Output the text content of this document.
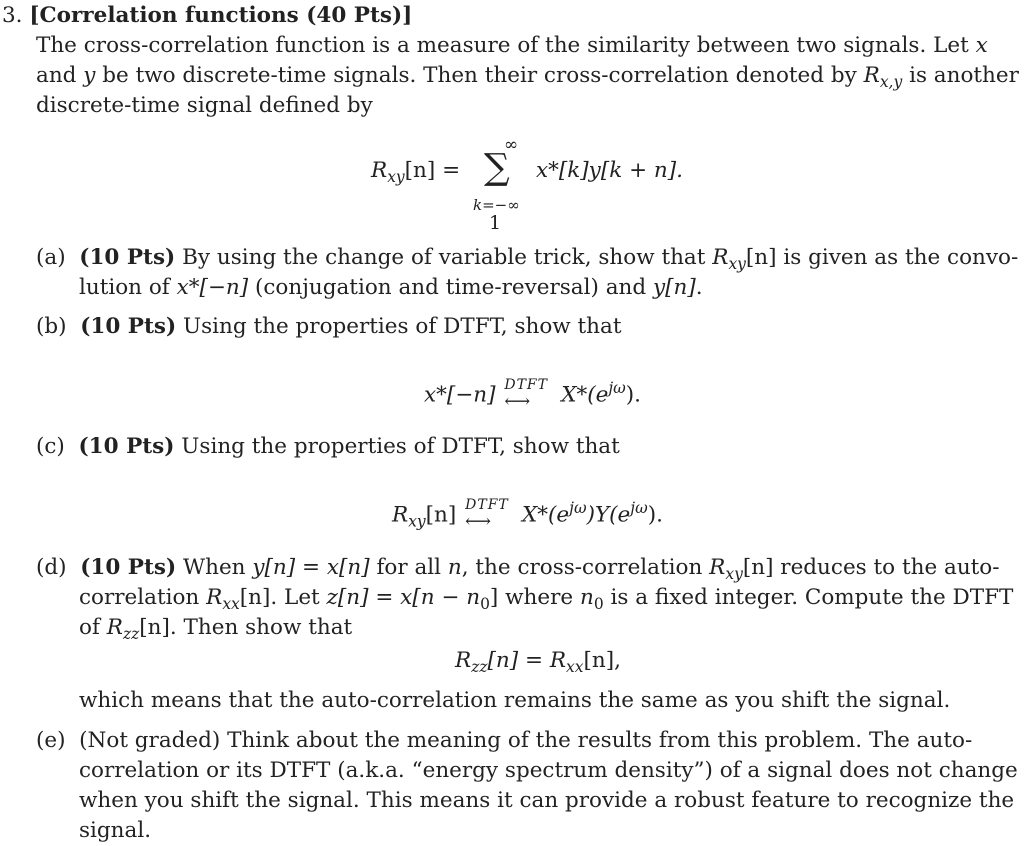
3. [Correlation functions (40 Pts)]
The cross-correlation function is a measure of the similarity between two signals. Let x
and y be two discrete-time signals. Then their cross-correlation denoted by $R_{x,y}$ is another
discrete-time signal defined by
$R_{xy}[n]$ =
∞
∑
k=−∞
x*[k]y[k + n].
1
(a) (10 Pts) By using the change of variable trick, show that $R_{xy}[n]$ is given as the convo-
lution of x*[−n] (conjugation and time-reversal) and y[n].
(b) (10 Pts) Using the properties of DTFT, show that
x*[−n] DTFT
⟷ $X*(e^{j\omega})$.
(c) (10 Pts) Using the properties of DTFT, show that
$R_{xy}[n]$ DTFT
⟷ $X*(e^{j\omega})Y(e^{j\omega})$.
(d) (10 Pts) When y[n] = x[n] for all n, the cross-correlation $R_{xy}[n]$ reduces to the auto-
correlation $R_{xx}[n]$. Let $z[n] = x[n - n_0]$ where $n_0$ is a fixed integer. Compute the DTFT
of $R_{zz}[n]$. Then show that
$R_{zz}[n] = R_{xx}[n]$,
which means that the auto-correlation remains the same as you shift the signal.
(e) (Not graded) Think about the meaning of the results from this problem. The auto-
correlation or its DTFT (a.k.a. “energy spectrum density”) of a signal does not change
when you shift the signal. This means it can provide a robust feature to recognize the
signal.
